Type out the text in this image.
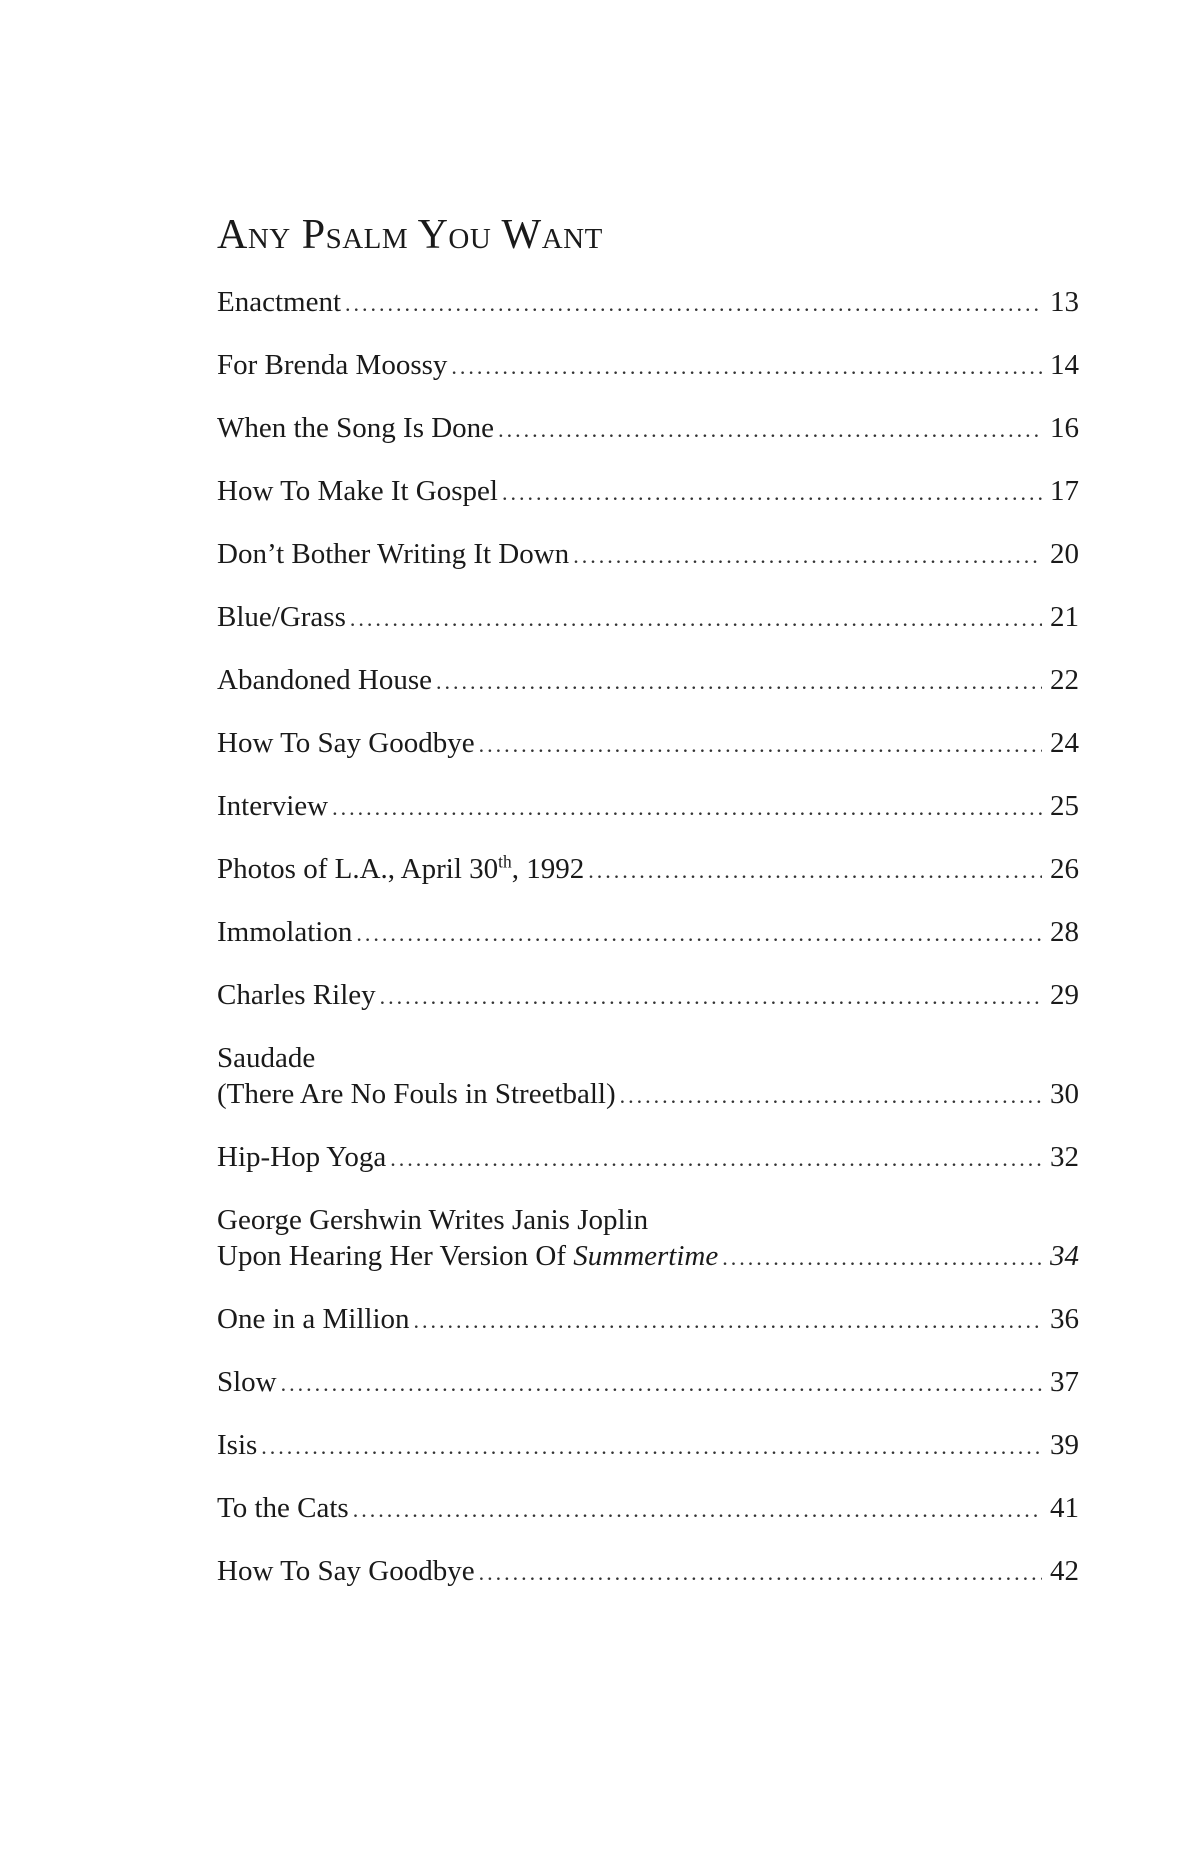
Any Psalm You Want
Enactment .....	13
For Brenda Moossy .....	14
When the Song Is Done .....	16
How To Make It Gospel .....	17
Don’t Bother Writing It Down .....	20
Blue/Grass .....	21
Abandoned House .....	22
How To Say Goodbye .....	24
Interview .....	25
Photos of L.A., April 30th, 1992 .....	26
Immolation .....	28
Charles Riley .....	29
Saudade
(There Are No Fouls in Streetball) .....	30
Hip-Hop Yoga .....	32
George Gershwin Writes Janis Joplin
Upon Hearing Her Version Of Summertime .....	34
One in a Million .....	36
Slow .....	37
Isis .....	39
To the Cats .....	41
How To Say Goodbye .....	42
